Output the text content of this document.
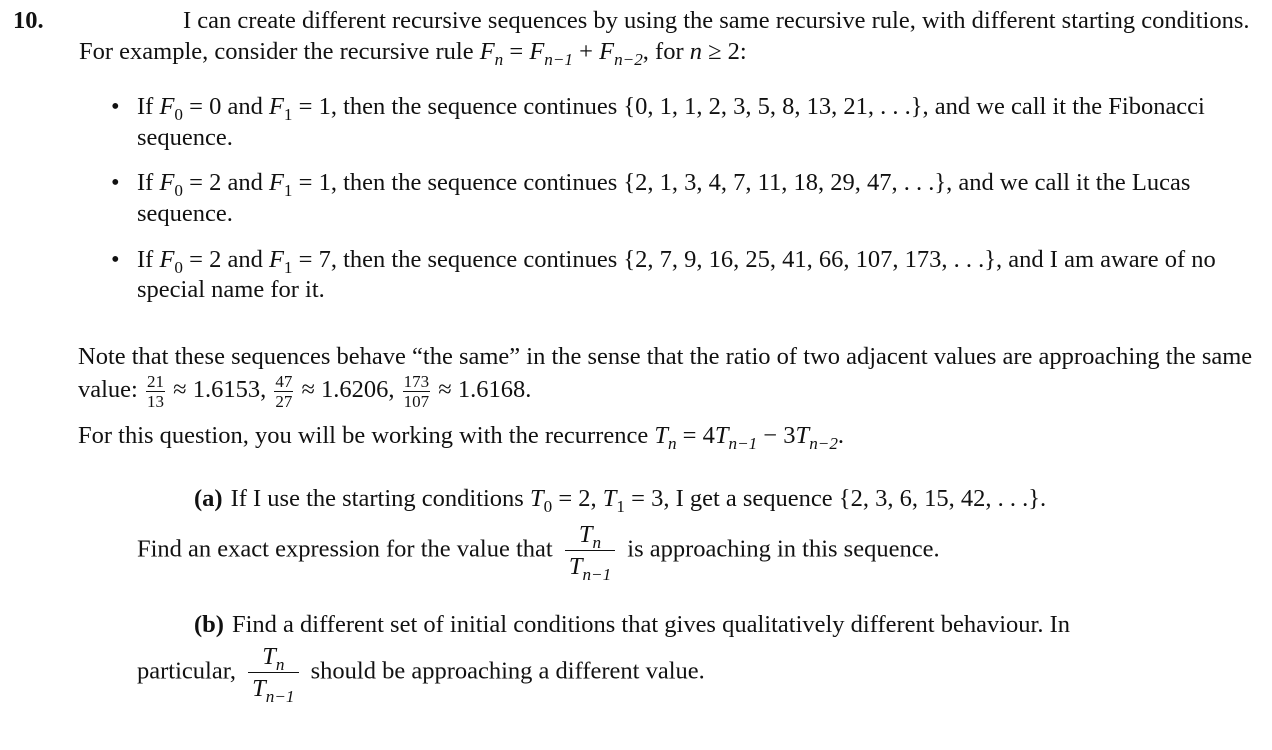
10.	I can create different recursive sequences by using the same recursive rule, with different starting conditions. For example, consider the recursive rule $F_n = F_{n-1} + F_{n-2}$, for n ≥ 2:
• If $F_0 = 0$ and $F_1 = 1$, then the sequence continues {0, 1, 1, 2, 3, 5, 8, 13, 21, . . .}, and we call it the Fibonacci sequence.
• If $F_0 = 2$ and $F_1 = 1$, then the sequence continues {2, 1, 3, 4, 7, 11, 18, 29, 47, . . .}, and we call it the Lucas sequence.
• If $F_0 = 2$ and $F_1 = 7$, then the sequence continues {2, 7, 9, 16, 25, 41, 66, 107, 173, . . .}, and I am aware of no special name for it.
Note that these sequences behave “the same” in the sense that the ratio of two adjacent values are approaching the same value: $\frac{21}{13} \approx 1.6153$, $\frac{47}{27} \approx 1.6206$, $\frac{173}{107} \approx 1.6168$.
For this question, you will be working with the recurrence $T_n = 4T_{n-1} - 3T_{n-2}$.
(a) If I use the starting conditions $T_0 = 2$, $T_1 = 3$, I get a sequence {2, 3, 6, 15, 42, . . .}.
Find an exact expression for the value that $\frac{T_n}{T_{n-1}}$ is approaching in this sequence.
(b) Find a different set of initial conditions that gives qualitatively different behaviour. In
particular, $\frac{T_n}{T_{n-1}}$ should be approaching a different value.
